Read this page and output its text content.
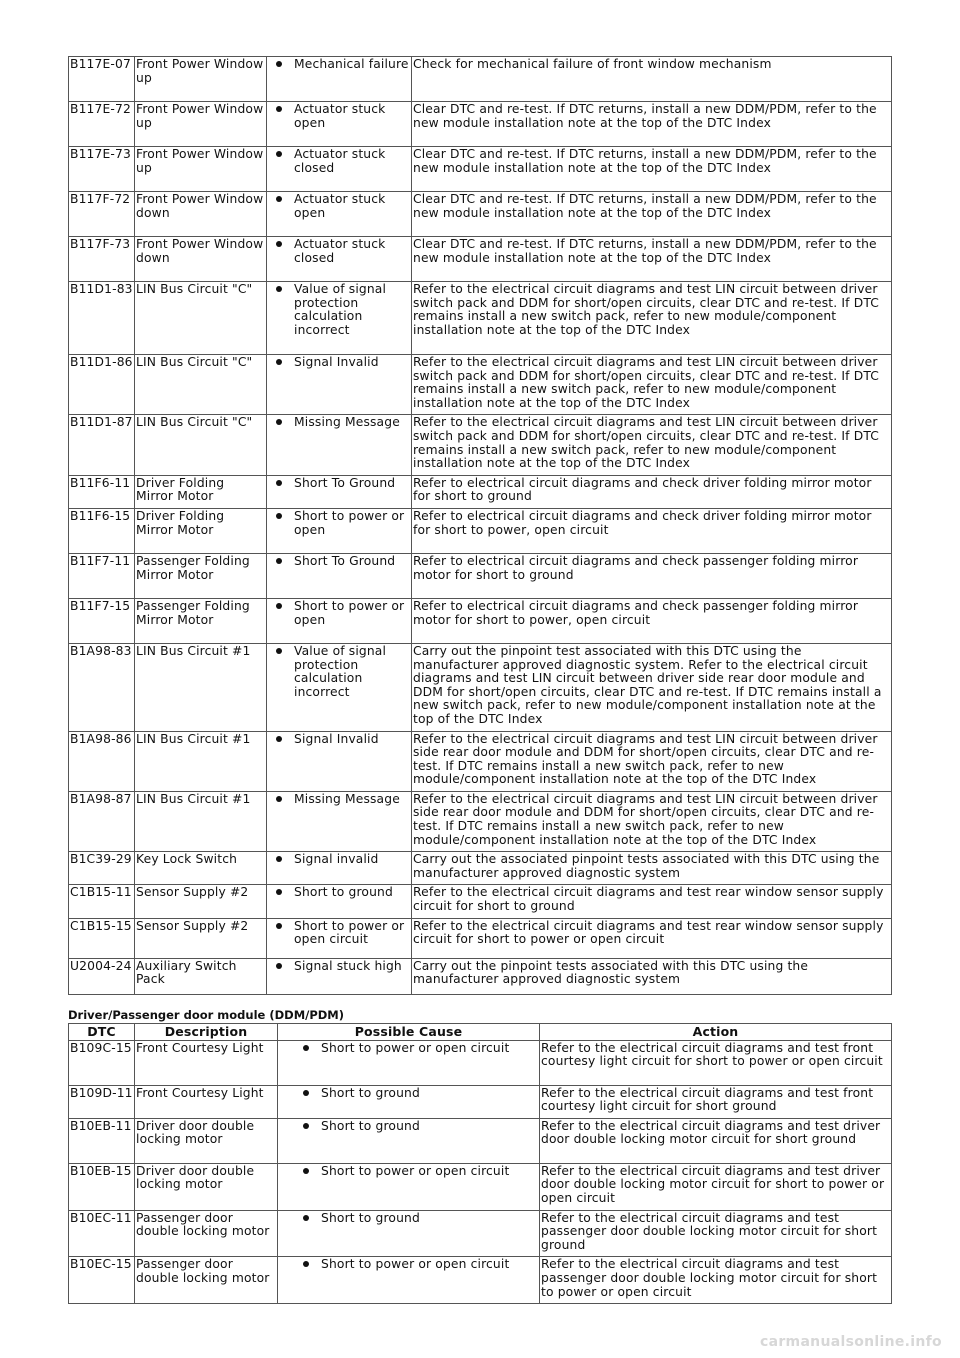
B117E-07	Front Power Window up	Mechanical failure	Check for mechanical failure of front window mechanism
B117E-72	Front Power Window up	Actuator stuck open	Clear DTC and re-test. If DTC returns, install a new DDM/PDM, refer to the new module installation note at the top of the DTC Index
B117E-73	Front Power Window up	Actuator stuck closed	Clear DTC and re-test. If DTC returns, install a new DDM/PDM, refer to the new module installation note at the top of the DTC Index
B117F-72	Front Power Window down	Actuator stuck open	Clear DTC and re-test. If DTC returns, install a new DDM/PDM, refer to the new module installation note at the top of the DTC Index
B117F-73	Front Power Window down	Actuator stuck closed	Clear DTC and re-test. If DTC returns, install a new DDM/PDM, refer to the new module installation note at the top of the DTC Index
B11D1-83	LIN Bus Circuit "C"	Value of signal protection calculation incorrect	Refer to the electrical circuit diagrams and test LIN circuit between driver switch pack and DDM for short/open circuits, clear DTC and re-test. If DTC remains install a new switch pack, refer to new module/component installation note at the top of the DTC Index
B11D1-86	LIN Bus Circuit "C"	Signal Invalid	Refer to the electrical circuit diagrams and test LIN circuit between driver switch pack and DDM for short/open circuits, clear DTC and re-test. If DTC remains install a new switch pack, refer to new module/component installation note at the top of the DTC Index
B11D1-87	LIN Bus Circuit "C"	Missing Message	Refer to the electrical circuit diagrams and test LIN circuit between driver switch pack and DDM for short/open circuits, clear DTC and re-test. If DTC remains install a new switch pack, refer to new module/component installation note at the top of the DTC Index
B11F6-11	Driver Folding Mirror Motor	Short To Ground	Refer to electrical circuit diagrams and check driver folding mirror motor for short to ground
B11F6-15	Driver Folding Mirror Motor	Short to power or open	Refer to electrical circuit diagrams and check driver folding mirror motor for short to power, open circuit
B11F7-11	Passenger Folding Mirror Motor	Short To Ground	Refer to electrical circuit diagrams and check passenger folding mirror motor for short to ground
B11F7-15	Passenger Folding Mirror Motor	Short to power or open	Refer to electrical circuit diagrams and check passenger folding mirror motor for short to power, open circuit
B1A98-83	LIN Bus Circuit #1	Value of signal protection calculation incorrect	Carry out the pinpoint test associated with this DTC using the manufacturer approved diagnostic system. Refer to the electrical circuit diagrams and test LIN circuit between driver side rear door module and DDM for short/open circuits, clear DTC and re-test. If DTC remains install a new switch pack, refer to new module/component installation note at the top of the DTC Index
B1A98-86	LIN Bus Circuit #1	Signal Invalid	Refer to the electrical circuit diagrams and test LIN circuit between driver side rear door module and DDM for short/open circuits, clear DTC and re-test. If DTC remains install a new switch pack, refer to new module/component installation note at the top of the DTC Index
B1A98-87	LIN Bus Circuit #1	Missing Message	Refer to the electrical circuit diagrams and test LIN circuit between driver side rear door module and DDM for short/open circuits, clear DTC and re-test. If DTC remains install a new switch pack, refer to new module/component installation note at the top of the DTC Index
B1C39-29	Key Lock Switch	Signal invalid	Carry out the associated pinpoint tests associated with this DTC using the manufacturer approved diagnostic system
C1B15-11	Sensor Supply #2	Short to ground	Refer to the electrical circuit diagrams and test rear window sensor supply circuit for short to ground
C1B15-15	Sensor Supply #2	Short to power or open circuit	Refer to the electrical circuit diagrams and test rear window sensor supply circuit for short to power or open circuit
U2004-24	Auxiliary Switch Pack	Signal stuck high	Carry out the pinpoint tests associated with this DTC using the manufacturer approved diagnostic system
Driver/Passenger door module (DDM/PDM)
DTC	Description	Possible Cause	Action
B109C-15	Front Courtesy Light	Short to power or open circuit	Refer to the electrical circuit diagrams and test front courtesy light circuit for short to power or open circuit
B109D-11	Front Courtesy Light	Short to ground	Refer to the electrical circuit diagrams and test front courtesy light circuit for short ground
B10EB-11	Driver door double locking motor	Short to ground	Refer to the electrical circuit diagrams and test driver door double locking motor circuit for short ground
B10EB-15	Driver door double locking motor	Short to power or open circuit	Refer to the electrical circuit diagrams and test driver door double locking motor circuit for short to power or open circuit
B10EC-11	Passenger door double locking motor	Short to ground	Refer to the electrical circuit diagrams and test passenger door double locking motor circuit for short ground
B10EC-15	Passenger door double locking motor	Short to power or open circuit	Refer to the electrical circuit diagrams and test passenger door double locking motor circuit for short to power or open circuit
carmanualsonline.info
